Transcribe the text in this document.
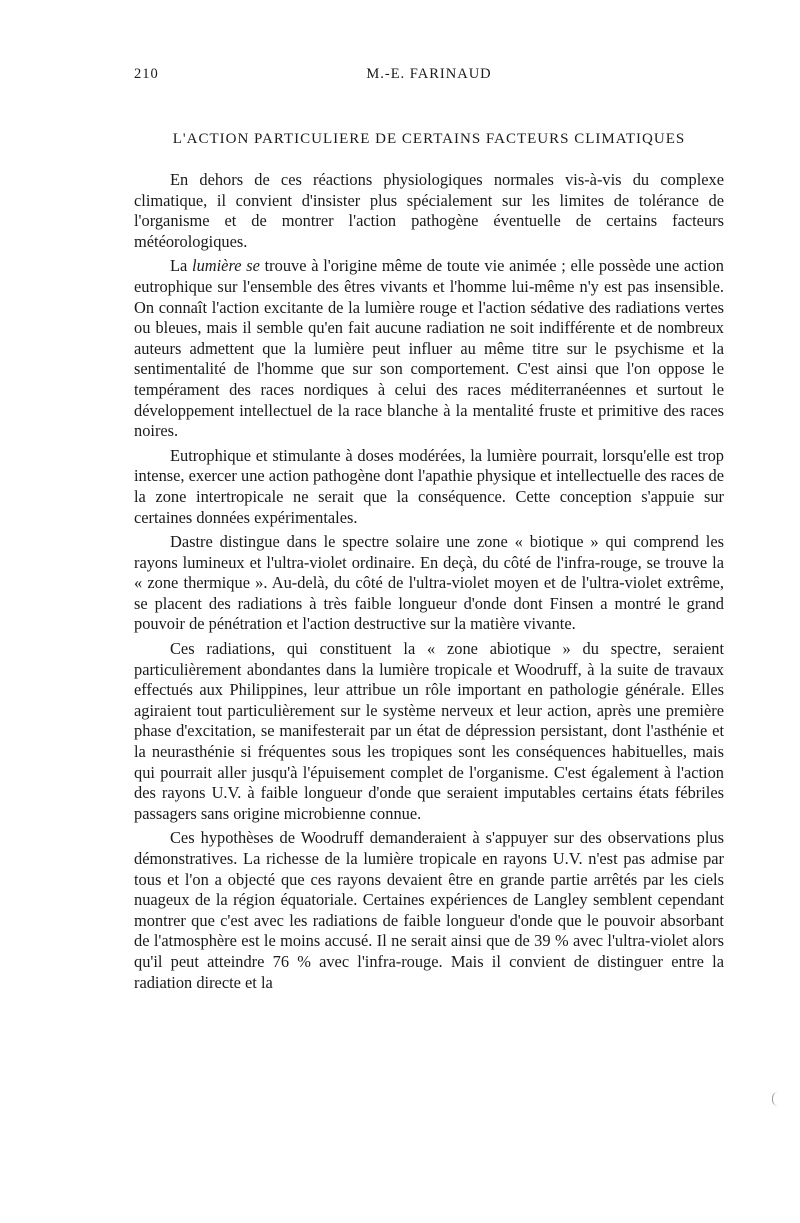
210	M.-E. FARINAUD
L'ACTION PARTICULIERE DE CERTAINS FACTEURS CLIMATIQUES

En dehors de ces réactions physiologiques normales vis-à-vis du complexe climatique, il convient d'insister plus spécialement sur les limites de tolérance de l'organisme et de montrer l'action pathogène éventuelle de certains facteurs météorologiques.

La lumière se trouve à l'origine même de toute vie animée ; elle possède une action eutrophique sur l'ensemble des êtres vivants et l'homme lui-même n'y est pas insensible. On connaît l'action excitante de la lumière rouge et l'action sédative des radiations vertes ou bleues, mais il semble qu'en fait aucune radiation ne soit indifférente et de nombreux auteurs admettent que la lumière peut influer au même titre sur le psychisme et la sentimentalité de l'homme que sur son comportement. C'est ainsi que l'on oppose le tempérament des races nordiques à celui des races méditerranéennes et surtout le développement intellectuel de la race blanche à la mentalité fruste et primitive des races noires.

Eutrophique et stimulante à doses modérées, la lumière pourrait, lorsqu'elle est trop intense, exercer une action pathogène dont l'apathie physique et intellectuelle des races de la zone intertropicale ne serait que la conséquence. Cette conception s'appuie sur certaines données expérimentales.

Dastre distingue dans le spectre solaire une zone « biotique » qui comprend les rayons lumineux et l'ultra-violet ordinaire. En deçà, du côté de l'infra-rouge, se trouve la « zone thermique ». Au-delà, du côté de l'ultra-violet moyen et de l'ultra-violet extrême, se placent des radiations à très faible longueur d'onde dont Finsen a montré le grand pouvoir de pénétration et l'action destructive sur la matière vivante.

Ces radiations, qui constituent la « zone abiotique » du spectre, seraient particulièrement abondantes dans la lumière tropicale et Woodruff, à la suite de travaux effectués aux Philippines, leur attribue un rôle important en pathologie générale. Elles agiraient tout particulièrement sur le système nerveux et leur action, après une première phase d'excitation, se manifesterait par un état de dépression persistant, dont l'asthénie et la neurasthénie si fréquentes sous les tropiques sont les conséquences habituelles, mais qui pourrait aller jusqu'à l'épuisement complet de l'organisme. C'est également à l'action des rayons U.V. à faible longueur d'onde que seraient imputables certains états fébriles passagers sans origine microbienne connue.

Ces hypothèses de Woodruff demanderaient à s'appuyer sur des observations plus démonstratives. La richesse de la lumière tropicale en rayons U.V. n'est pas admise par tous et l'on a objecté que ces rayons devaient être en grande partie arrêtés par les ciels nuageux de la région équatoriale. Certaines expériences de Langley semblent cependant montrer que c'est avec les radiations de faible longueur d'onde que le pouvoir absorbant de l'atmosphère est le moins accusé. Il ne serait ainsi que de 39 % avec l'ultra-violet alors qu'il peut atteindre 76 % avec l'infra-rouge. Mais il convient de distinguer entre la radiation directe et la
